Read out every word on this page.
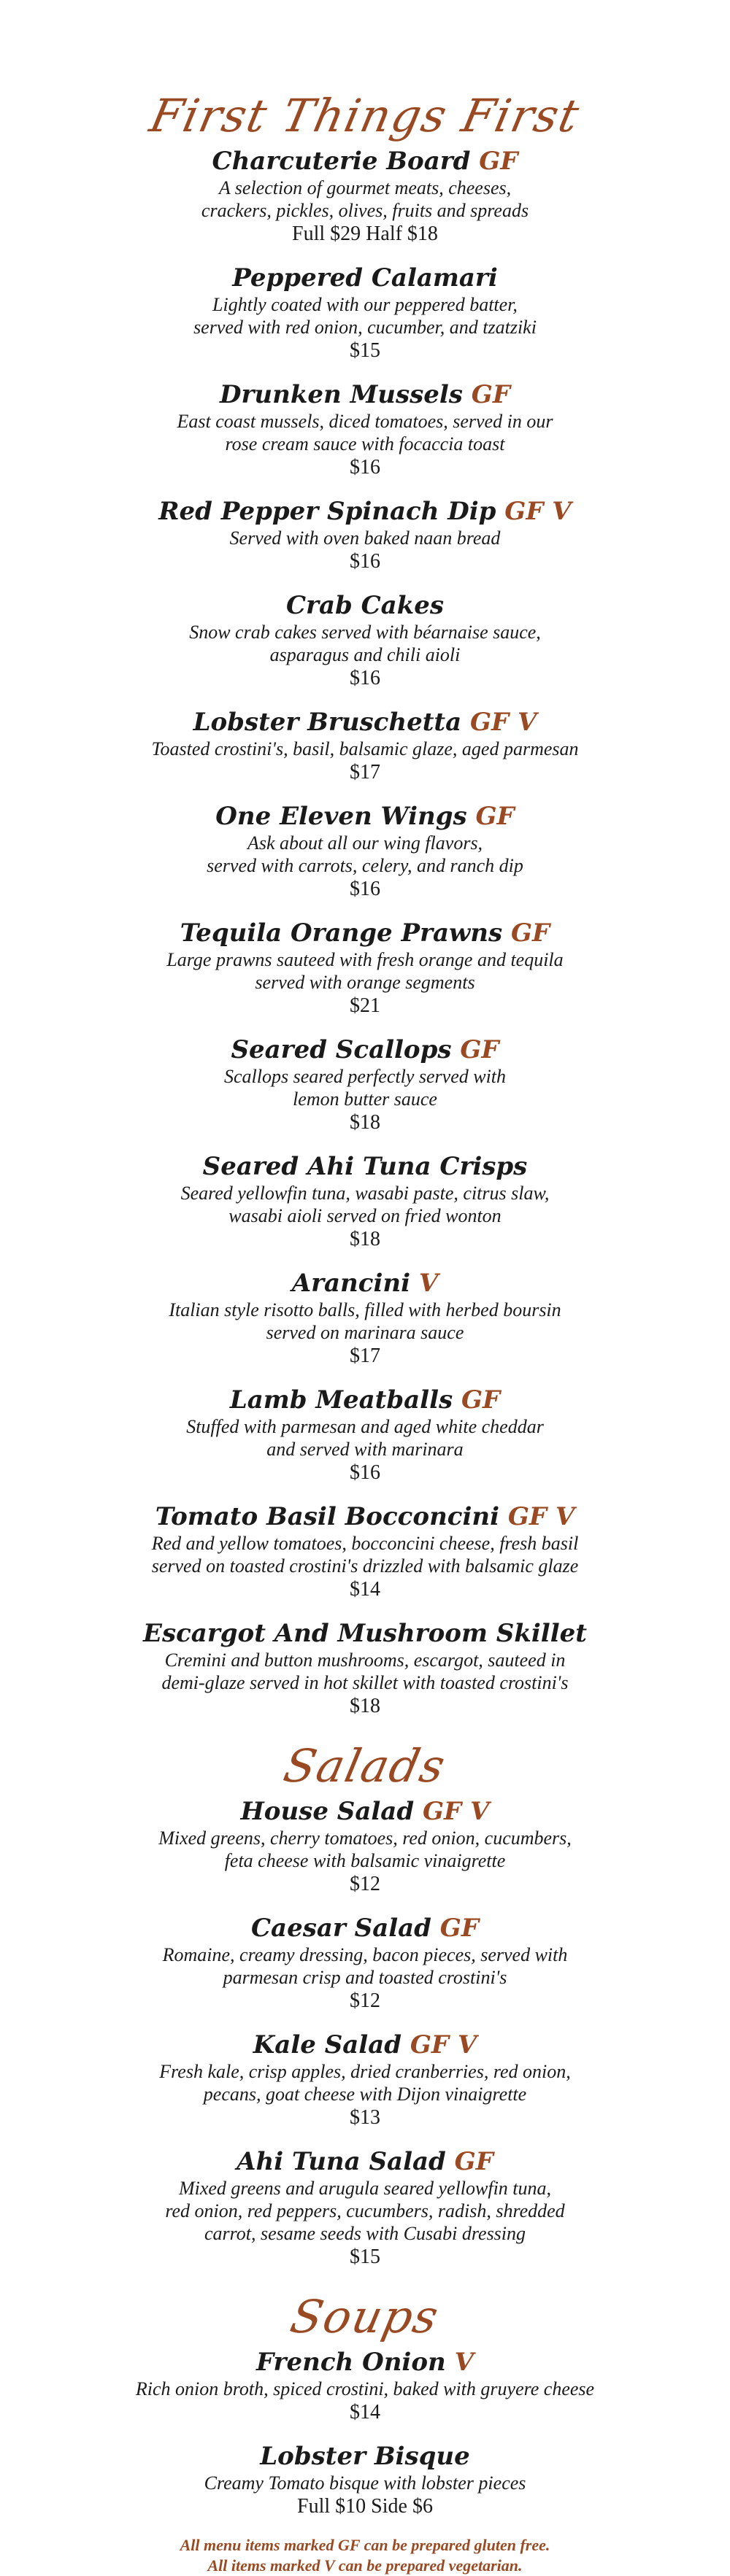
First Things First
Charcuterie Board GF
A selection of gourmet meats, cheeses,
crackers, pickles, olives, fruits and spreads
Full $29 Half $18
Peppered Calamari
Lightly coated with our peppered batter,
served with red onion, cucumber, and tzatziki
$15
Drunken Mussels GF
East coast mussels, diced tomatoes, served in our
rose cream sauce with focaccia toast
$16
Red Pepper Spinach Dip GF V
Served with oven baked naan bread
$16
Crab Cakes
Snow crab cakes served with béarnaise sauce,
asparagus and chili aioli
$16
Lobster Bruschetta GF V
Toasted crostini's, basil, balsamic glaze, aged parmesan
$17
One Eleven Wings GF
Ask about all our wing flavors,
served with carrots, celery, and ranch dip
$16
Tequila Orange Prawns GF
Large prawns sauteed with fresh orange and tequila
served with orange segments
$21
Seared Scallops GF
Scallops seared perfectly served with
lemon butter sauce
$18
Seared Ahi Tuna Crisps
Seared yellowfin tuna, wasabi paste, citrus slaw,
wasabi aioli served on fried wonton
$18
Arancini V
Italian style risotto balls, filled with herbed boursin
served on marinara sauce
$17
Lamb Meatballs GF
Stuffed with parmesan and aged white cheddar
and served with marinara
$16
Tomato Basil Bocconcini GF V
Red and yellow tomatoes, bocconcini cheese, fresh basil
served on toasted crostini's drizzled with balsamic glaze
$14
Escargot And Mushroom Skillet
Cremini and button mushrooms, escargot, sauteed in
demi-glaze served in hot skillet with toasted crostini's
$18
Salads
House Salad GF V
Mixed greens, cherry tomatoes, red onion, cucumbers,
feta cheese with balsamic vinaigrette
$12
Caesar Salad GF
Romaine, creamy dressing, bacon pieces, served with
parmesan crisp and toasted crostini's
$12
Kale Salad GF V
Fresh kale, crisp apples, dried cranberries, red onion,
pecans, goat cheese with Dijon vinaigrette
$13
Ahi Tuna Salad GF
Mixed greens and arugula seared yellowfin tuna,
red onion, red peppers, cucumbers, radish, shredded
carrot, sesame seeds with Cusabi dressing
$15
Soups
French Onion V
Rich onion broth, spiced crostini, baked with gruyere cheese
$14
Lobster Bisque
Creamy Tomato bisque with lobster pieces
Full $10 Side $6
All menu items marked GF can be prepared gluten free.
All items marked V can be prepared vegetarian.
